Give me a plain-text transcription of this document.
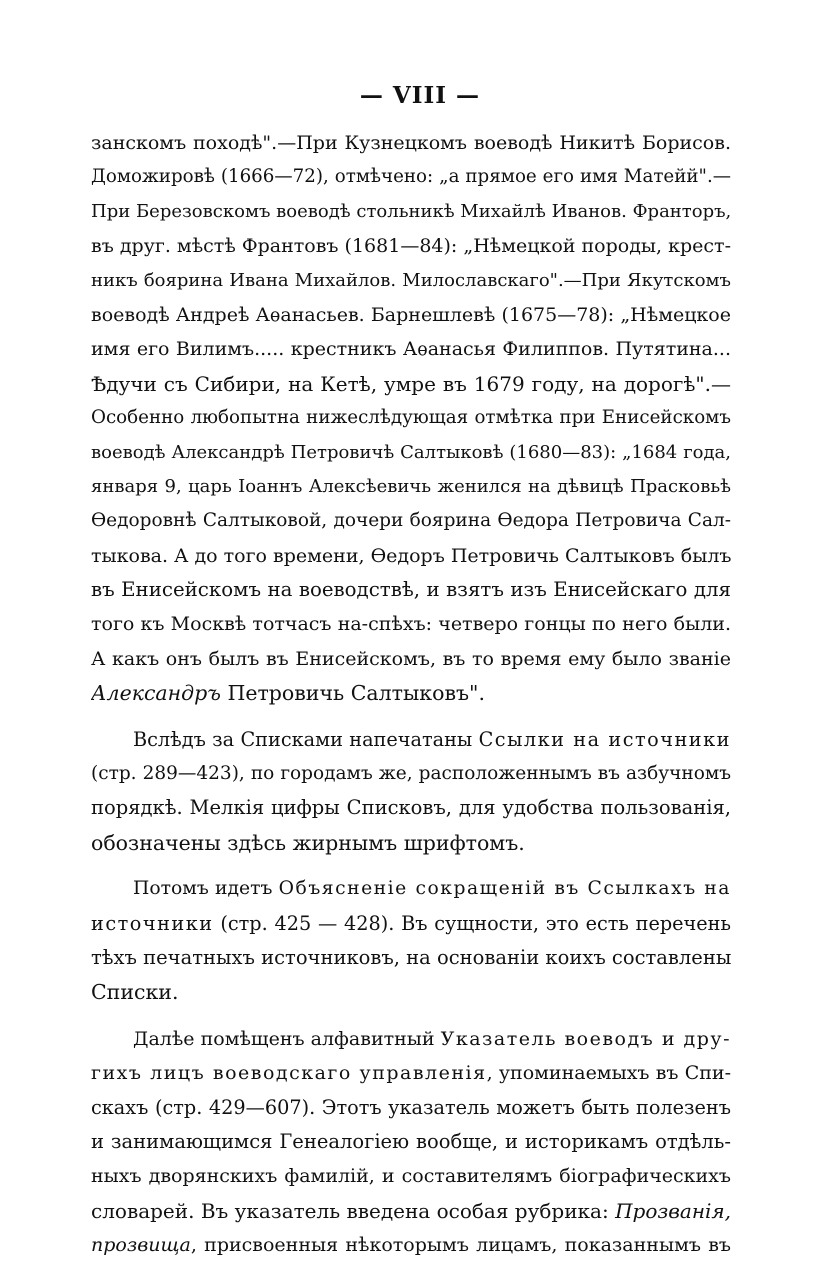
— VIII —
занскомъ походѣ".—При Кузнецкомъ воеводѣ Никитѣ Борисов.
Доможировѣ (1666—72), отмѣчено: „а прямое его имя Матейй".—
При Березовскомъ воеводѣ стольникѣ Михайлѣ Иванов. Франторъ,
въ друг. мѣстѣ Франтовъ (1681—84): „Нѣмецкой породы, крест-
никъ боярина Ивана Михайлов. Милославскаго".—При Якутскомъ
воеводѣ Андреѣ Аѳанасьев. Барнешлевѣ (1675—78): „Нѣмецкое
имя его Вилимъ..... крестникъ Аѳанасья Филиппов. Путятина...
Ѣдучи съ Сибири, на Кетѣ, умре въ 1679 году, на дорогѣ".—
Особенно любопытна нижеслѣдующая отмѣтка при Енисейскомъ
воеводѣ Александрѣ Петровичѣ Салтыковѣ (1680—83): „1684 года,
января 9, царь Іоаннъ Алексѣевичь женился на дѣвицѣ Прасковьѣ
Ѳедоровнѣ Салтыковой, дочери боярина Ѳедора Петровича Сал-
тыкова. А до того времени, Ѳедоръ Петровичь Салтыковъ былъ
въ Енисейскомъ на воеводствѣ, и взятъ изъ Енисейскаго для
того къ Москвѣ тотчасъ на-спѣхъ: четверо гонцы по него были.
А какъ онъ былъ въ Енисейскомъ, въ то время ему было званіе
Александръ Петровичь Салтыковъ".
Вслѣдъ за Списками напечатаны Ссылки на источники
(стр. 289—423), по городамъ же, расположеннымъ въ азбучномъ
порядкѣ. Мелкія цифры Списковъ, для удобства пользованія,
обозначены здѣсь жирнымъ шрифтомъ.
Потомъ идетъ Объясненіе сокращеній въ Ссылкахъ на
источники (стр. 425 — 428). Въ сущности, это есть перечень
тѣхъ печатныхъ источниковъ, на основаніи коихъ составлены
Списки.
Далѣе помѣщенъ алфавитный Указатель воеводъ и дру-
гихъ лицъ воеводскаго управленія, упоминаемыхъ въ Спи-
скахъ (стр. 429—607). Этотъ указатель можетъ быть полезенъ
и занимающимся Генеалогіею вообще, и историкамъ отдѣль-
ныхъ дворянскихъ фамилій, и составителямъ біографическихъ
словарей. Въ указатель введена особая рубрика: Прозванія,
прозвища, присвоенныя нѣкоторымъ лицамъ, показаннымъ въ
